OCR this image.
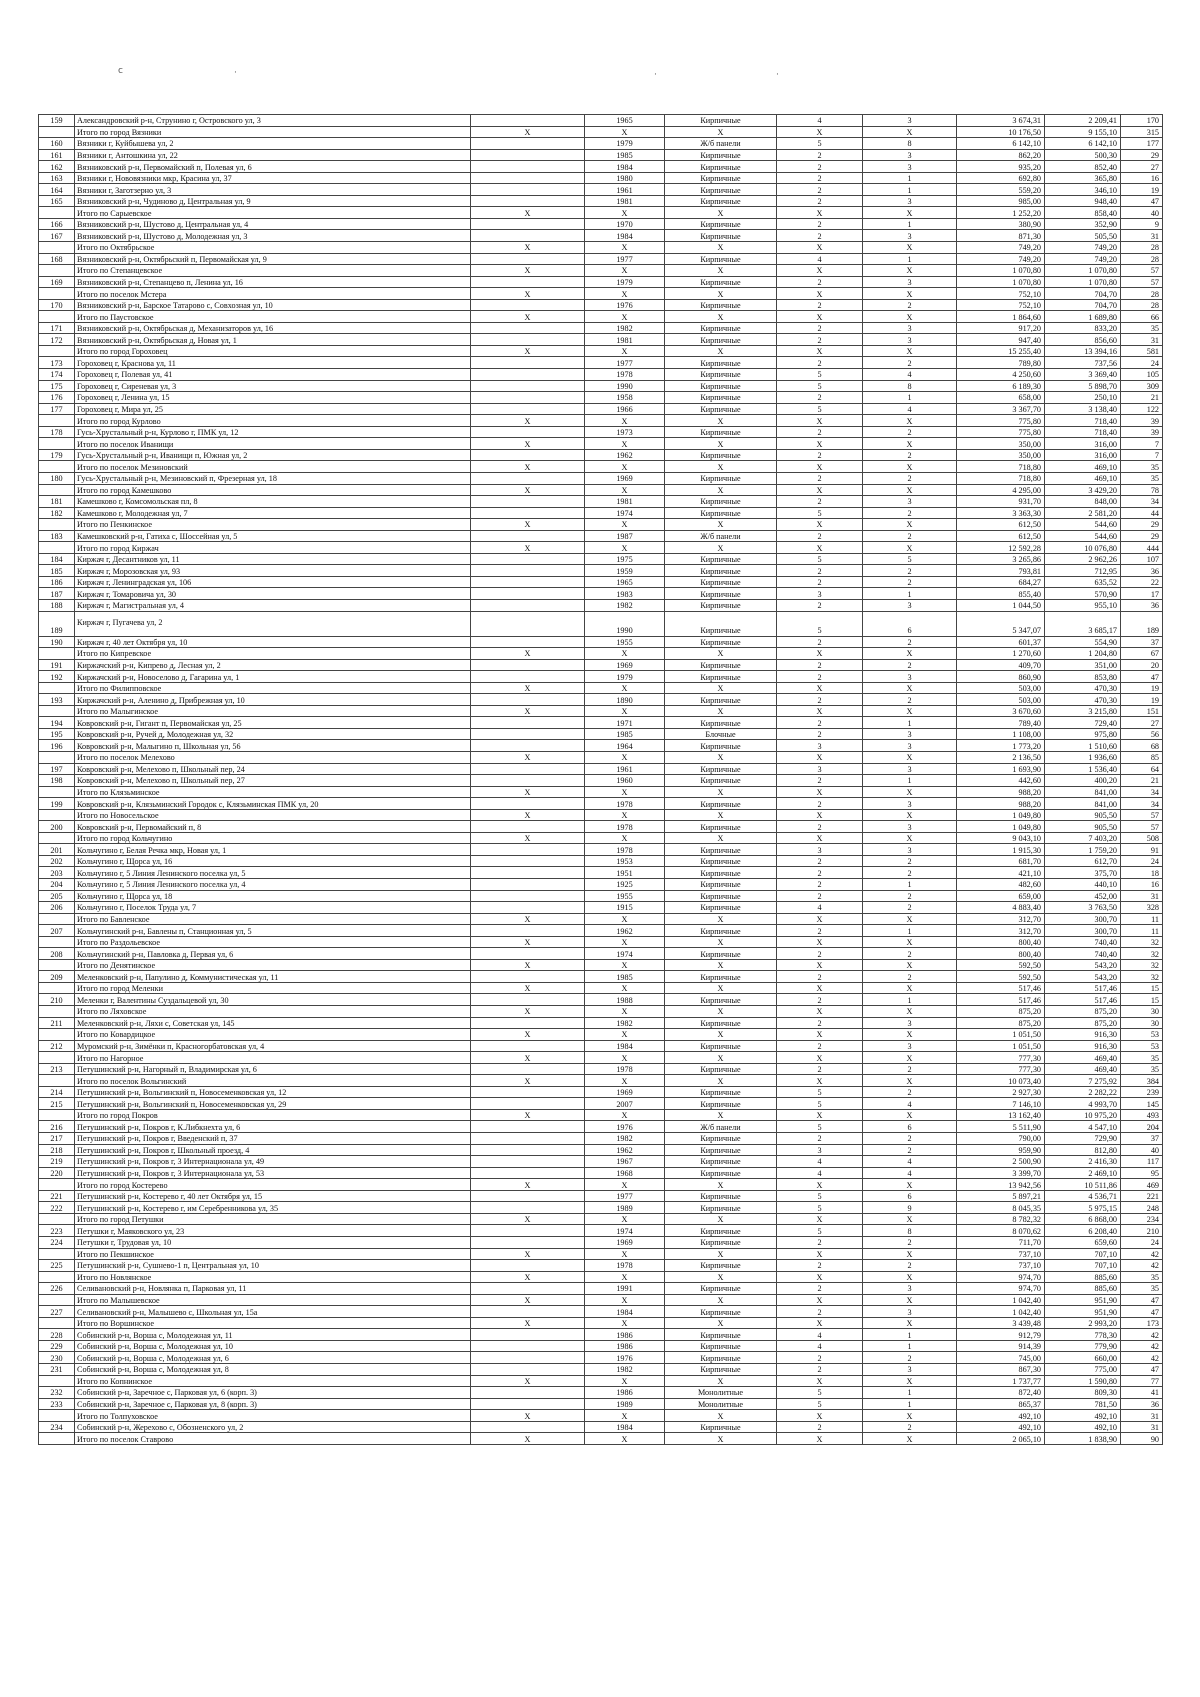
c	·	·	·
159	Александровский р-н, Струнино г, Островского ул, 3		1965	Кирпичные	4	3	3 674,31	2 209,41	170
	Итого по город Вязники	X	X	X	X	X	10 176,50	9 155,10	315
160	Вязники г, Куйбышева ул, 2		1979	Ж/б панели	5	8	6 142,10	6 142,10	177
161	Вязники г, Антошкина ул, 22		1985	Кирпичные	2	3	862,20	500,30	29
162	Вязниковский р-н, Первомайский п, Полевая ул, 6		1984	Кирпичные	2	3	935,20	852,40	27
163	Вязники г, Нововязники мкр, Красина ул, 37		1980	Кирпичные	2	1	692,80	365,80	16
164	Вязники г, Заготзерно ул, 3		1961	Кирпичные	2	1	559,20	346,10	19
165	Вязниковский р-н, Чудиново д, Центральная ул, 9		1981	Кирпичные	2	3	985,00	948,40	47
	Итого по Сарыевское	X	X	X	X	X	1 252,20	858,40	40
166	Вязниковский р-н, Шустово д, Центральная ул, 4		1970	Кирпичные	2	1	380,90	352,90	9
167	Вязниковский р-н, Шустово д, Молодежная ул, 3		1984	Кирпичные	2	3	871,30	505,50	31
	Итого по Октябрьское	X	X	X	X	X	749,20	749,20	28
168	Вязниковский р-н, Октябрьский п, Первомайская ул, 9		1977	Кирпичные	4	1	749,20	749,20	28
	Итого по Степанцевское	X	X	X	X	X	1 070,80	1 070,80	57
169	Вязниковский р-н, Степанцево п, Ленина ул, 16		1979	Кирпичные	2	3	1 070,80	1 070,80	57
	Итого по поселок Мстера	X	X	X	X	X	752,10	704,70	28
170	Вязниковский р-н, Барское Татарово с, Совхозная ул, 10		1976	Кирпичные	2	2	752,10	704,70	28
	Итого по Паустовское	X	X	X	X	X	1 864,60	1 689,80	66
171	Вязниковский р-н, Октябрьская д, Механизаторов ул, 16		1982	Кирпичные	2	3	917,20	833,20	35
172	Вязниковский р-н, Октябрьская д, Новая ул, 1		1981	Кирпичные	2	3	947,40	856,60	31
	Итого по город Гороховец	X	X	X	X	X	15 255,40	13 394,16	581
173	Гороховец г, Краснова ул, 11		1977	Кирпичные	2	2	789,80	737,56	24
174	Гороховец г, Полевая ул, 41		1978	Кирпичные	5	4	4 250,60	3 369,40	105
175	Гороховец г, Сиреневая ул, 3		1990	Кирпичные	5	8	6 189,30	5 898,70	309
176	Гороховец г, Ленина ул, 15		1958	Кирпичные	2	1	658,00	250,10	21
177	Гороховец г, Мира ул, 25		1966	Кирпичные	5	4	3 367,70	3 138,40	122
	Итого по город Курлово	X	X	X	X	X	775,80	718,40	39
178	Гусь-Хрустальный р-н, Курлово г, ПМК ул, 12		1973	Кирпичные	2	2	775,80	718,40	39
	Итого по поселок Иванищи	X	X	X	X	X	350,00	316,00	7
179	Гусь-Хрустальный р-н, Иванищи п, Южная ул, 2		1962	Кирпичные	2	2	350,00	316,00	7
	Итого по поселок Мезиновский	X	X	X	X	X	718,80	469,10	35
180	Гусь-Хрустальный р-н, Мезиновский п, Фрезерная ул, 18		1969	Кирпичные	2	2	718,80	469,10	35
	Итого по город Камешково	X	X	X	X	X	4 295,00	3 429,20	78
181	Камешково г, Комсомольская пл, 8		1981	Кирпичные	2	3	931,70	848,00	34
182	Камешково г, Молодежная ул, 7		1974	Кирпичные	5	2	3 363,30	2 581,20	44
	Итого по Пенкинское	X	X	X	X	X	612,50	544,60	29
183	Камешковский р-н, Гатиха с, Шоссейная ул, 5		1987	Ж/б панели	2	2	612,50	544,60	29
	Итого по город Киржач	X	X	X	X	X	12 592,28	10 076,80	444
184	Киржач г, Десантников ул, 11		1975	Кирпичные	5	5	3 265,86	2 962,26	107
185	Киржач г, Морозовская ул, 93		1959	Кирпичные	2	2	793,81	712,95	36
186	Киржач г, Ленинградская ул, 106		1965	Кирпичные	2	2	684,27	635,52	22
187	Киржач г, Томаровича ул, 30		1983	Кирпичные	3	1	855,40	570,90	17
188	Киржач г, Магистральная ул, 4		1982	Кирпичные	2	3	1 044,50	955,10	36
189	Киржач г, Пугачева ул, 2		1990	Кирпичные	5	6	5 347,07	3 685,17	189
190	Киржач г, 40 лет Октября ул, 10		1955	Кирпичные	2	2	601,37	554,90	37
	Итого по Кипревское	X	X	X	X	X	1 270,60	1 204,80	67
191	Киржачский р-н, Кипрево д, Лесная ул, 2		1969	Кирпичные	2	2	409,70	351,00	20
192	Киржачский р-н, Новоселово д, Гагарина ул, 1		1979	Кирпичные	2	3	860,90	853,80	47
	Итого по Филипповское	X	X	X	X	X	503,00	470,30	19
193	Киржачский р-н, Аленино д, Прибрежная ул, 10		1890	Кирпичные	2	2	503,00	470,30	19
	Итого по Малыгинское	X	X	X	X	X	3 670,60	3 215,80	151
194	Ковровский р-н, Гигант п, Первомайская ул, 25		1971	Кирпичные	2	1	789,40	729,40	27
195	Ковровский р-н, Ручей д, Молодежная ул, 32		1985	Блочные	2	3	1 108,00	975,80	56
196	Ковровский р-н, Малыгино п, Школьная ул, 56		1964	Кирпичные	3	3	1 773,20	1 510,60	68
	Итого по поселок Мелехово	X	X	X	X	X	2 136,50	1 936,60	85
197	Ковровский р-н, Мелехово п, Школьный пер, 24		1961	Кирпичные	3	3	1 693,90	1 536,40	64
198	Ковровский р-н, Мелехово п, Школьный пер, 27		1960	Кирпичные	2	1	442,60	400,20	21
	Итого по Клязьминское	X	X	X	X	X	988,20	841,00	34
199	Ковровский р-н, Клязьминский Городок с, Клязьминская ПМК ул, 20		1978	Кирпичные	2	3	988,20	841,00	34
	Итого по Новосельское	X	X	X	X	X	1 049,80	905,50	57
200	Ковровский р-н, Первомайский п, 8		1978	Кирпичные	2	3	1 049,80	905,50	57
	Итого по город Кольчугино	X	X	X	X	X	9 043,10	7 403,20	508
201	Кольчугино г, Белая Речка мкр, Новая ул, 1		1978	Кирпичные	3	3	1 915,30	1 759,20	91
202	Кольчугино г, Щорса ул, 16		1953	Кирпичные	2	2	681,70	612,70	24
203	Кольчугино г, 5 Линия Ленинского поселка ул, 5		1951	Кирпичные	2	2	421,10	375,70	18
204	Кольчугино г, 5 Линия Ленинского поселка ул, 4		1925	Кирпичные	2	1	482,60	440,10	16
205	Кольчугино г, Щорса ул, 18		1955	Кирпичные	2	2	659,00	452,00	31
206	Кольчугино г, Поселок Труда ул, 7		1915	Кирпичные	4	2	4 883,40	3 763,50	328
	Итого по Бавленское	X	X	X	X	X	312,70	300,70	11
207	Кольчугинский р-н, Бавлены п, Станционная ул, 5		1962	Кирпичные	2	1	312,70	300,70	11
	Итого по Раздольевское	X	X	X	X	X	800,40	740,40	32
208	Кольчугинский р-н, Павловка д, Первая ул, 6		1974	Кирпичные	2	2	800,40	740,40	32
	Итого по Денятинское	X	X	X	X	X	592,50	543,20	32
209	Меленковский р-н, Папулино д, Коммунистическая ул, 11		1985	Кирпичные	2	2	592,50	543,20	32
	Итого по город Меленки	X	X	X	X	X	517,46	517,46	15
210	Меленки г, Валентины Суздальцевой ул, 30		1988	Кирпичные	2	1	517,46	517,46	15
	Итого по Ляховское	X	X	X	X	X	875,20	875,20	30
211	Меленковский р-н, Ляхи с, Советская ул, 145		1982	Кирпичные	2	3	875,20	875,20	30
	Итого по Ковардицкое	X	X	X	X	X	1 051,50	916,30	53
212	Муромский р-н, Зимёнки п, Красногорбатовская ул, 4		1984	Кирпичные	2	3	1 051,50	916,30	53
	Итого по Нагорное	X	X	X	X	X	777,30	469,40	35
213	Петушинский р-н, Нагорный п, Владимирская ул, 6		1978	Кирпичные	2	2	777,30	469,40	35
	Итого по поселок Вольгинский	X	X	X	X	X	10 073,40	7 275,92	384
214	Петушинский р-н, Вольгинский п, Новосеменковская ул, 12		1969	Кирпичные	5	2	2 927,30	2 282,22	239
215	Петушинский р-н, Вольгинский п, Новосеменковская ул, 29		2007	Кирпичные	5	4	7 146,10	4 993,70	145
	Итого по город Покров	X	X	X	X	X	13 162,40	10 975,20	493
216	Петушинский р-н, Покров г, К.Либкнехта ул, 6		1976	Ж/б панели	5	6	5 511,90	4 547,10	204
217	Петушинский р-н, Покров г, Введенский п, 37		1982	Кирпичные	2	2	790,00	729,90	37
218	Петушинский р-н, Покров г, Школьный проезд, 4		1962	Кирпичные	3	2	959,90	812,80	40
219	Петушинский р-н, Покров г, 3 Интернационала ул, 49		1967	Кирпичные	4	4	2 500,90	2 416,30	117
220	Петушинский р-н, Покров г, 3 Интернационала ул, 53		1968	Кирпичные	4	4	3 399,70	2 469,10	95
	Итого по город Костерево	X	X	X	X	X	13 942,56	10 511,86	469
221	Петушинский р-н, Костерево г, 40 лет Октября ул, 15		1977	Кирпичные	5	6	5 897,21	4 536,71	221
222	Петушинский р-н, Костерево г, им Серебренникова ул, 35		1989	Кирпичные	5	9	8 045,35	5 975,15	248
	Итого по город Петушки	X	X	X	X	X	8 782,32	6 868,00	234
223	Петушки г, Маяковского ул, 23		1974	Кирпичные	5	8	8 070,62	6 208,40	210
224	Петушки г, Трудовая ул, 10		1969	Кирпичные	2	2	711,70	659,60	24
	Итого по Пекшинское	X	X	X	X	X	737,10	707,10	42
225	Петушинский р-н, Сушнево-1 п, Центральная ул, 10		1978	Кирпичные	2	2	737,10	707,10	42
	Итого по Новлянское	X	X	X	X	X	974,70	885,60	35
226	Селивановский р-н, Новлянка п, Парковая ул, 11		1991	Кирпичные	2	3	974,70	885,60	35
	Итого по Малышевское	X	X	X	X	X	1 042,40	951,90	47
227	Селивановский р-н, Малышево с, Школьная ул, 15а		1984	Кирпичные	2	3	1 042,40	951,90	47
	Итого по Воршинское	X	X	X	X	X	3 439,48	2 993,20	173
228	Собинский р-н, Ворша с, Молодежная ул, 11		1986	Кирпичные	4	1	912,79	778,30	42
229	Собинский р-н, Ворша с, Молодежная ул, 10		1986	Кирпичные	4	1	914,39	779,90	42
230	Собинский р-н, Ворша с, Молодежная ул, 6		1976	Кирпичные	2	2	745,00	660,00	42
231	Собинский р-н, Ворша с, Молодежная ул, 8		1982	Кирпичные	2	3	867,30	775,00	47
	Итого по Копнинское	X	X	X	X	X	1 737,77	1 590,80	77
232	Собинский р-н, Заречное с, Парковая ул, 6 (корп. 3)		1986	Монолитные	5	1	872,40	809,30	41
233	Собинский р-н, Заречное с, Парковая ул, 8 (корп. 3)		1989	Монолитные	5	1	865,37	781,50	36
	Итого по Толпуховское	X	X	X	X	X	492,10	492,10	31
234	Собинский р-н, Жерехово с, Обозненского ул, 2		1984	Кирпичные	2	2	492,10	492,10	31
	Итого по поселок Ставрово	X	X	X	X	X	2 065,10	1 838,90	90
